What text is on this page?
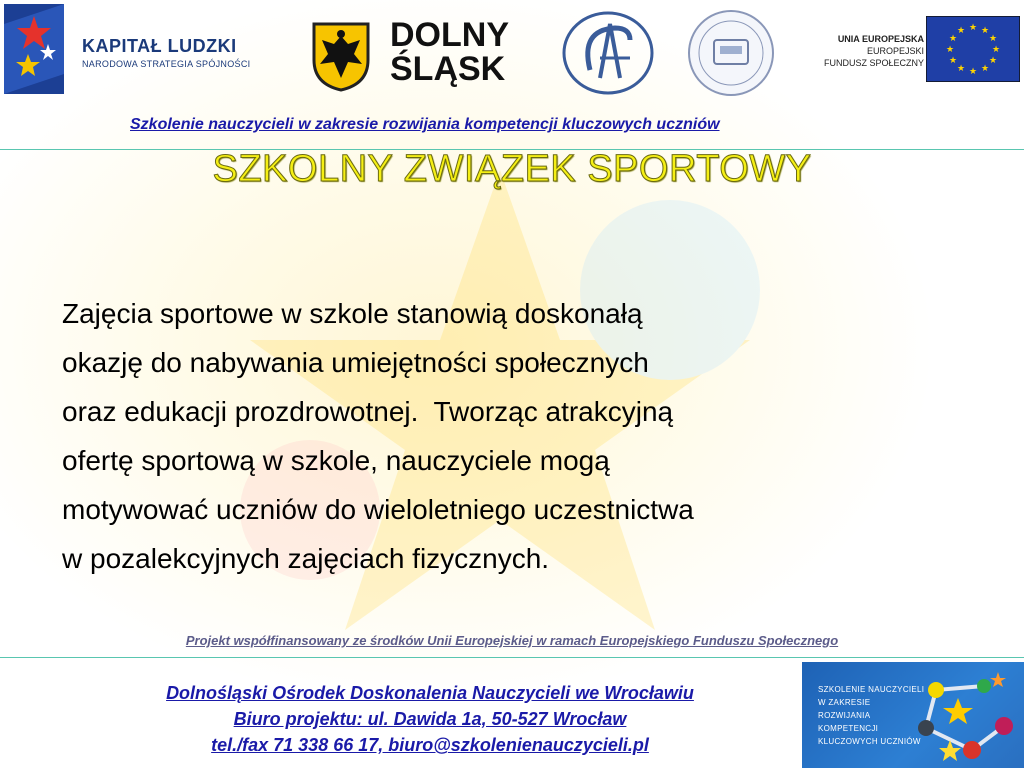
KAPITAŁ LUDZKI
NARODOWA STRATEGIA SPÓJNOŚCI
DOLNY
ŚLĄSK
UNIA EUROPEJSKA
EUROPEJSKI
FUNDUSZ SPOŁECZNY
★ ★
★
★
★
★
★
★
★
★
★
★
Szkolenie nauczycieli w zakresie rozwijania kompetencji kluczowych uczniów
SZKOLNY ZWIĄZEK SPORTOWY
Zajęcia sportowe w szkole stanowią doskonałą
okazję do nabywania umiejętności społecznych
oraz edukacji prozdrowotnej.  Tworząc atrakcyjną
ofertę sportową w szkole, nauczyciele mogą
motywować uczniów do wieloletniego uczestnictwa
w pozalekcyjnych zajęciach fizycznych.
Projekt współfinansowany ze środków Unii Europejskiej w ramach Europejskiego Funduszu Społecznego
Dolnośląski Ośrodek Doskonalenia Nauczycieli we Wrocławiu
Biuro projektu: ul. Dawida 1a, 50-527 Wrocław
tel./fax 71 338 66 17, biuro@szkolenienauczycieli.pl
SZKOLENIE NAUCZYCIELI
W ZAKRESIE
ROZWIJANIA
KOMPETENCJI
KLUCZOWYCH UCZNIÓW
